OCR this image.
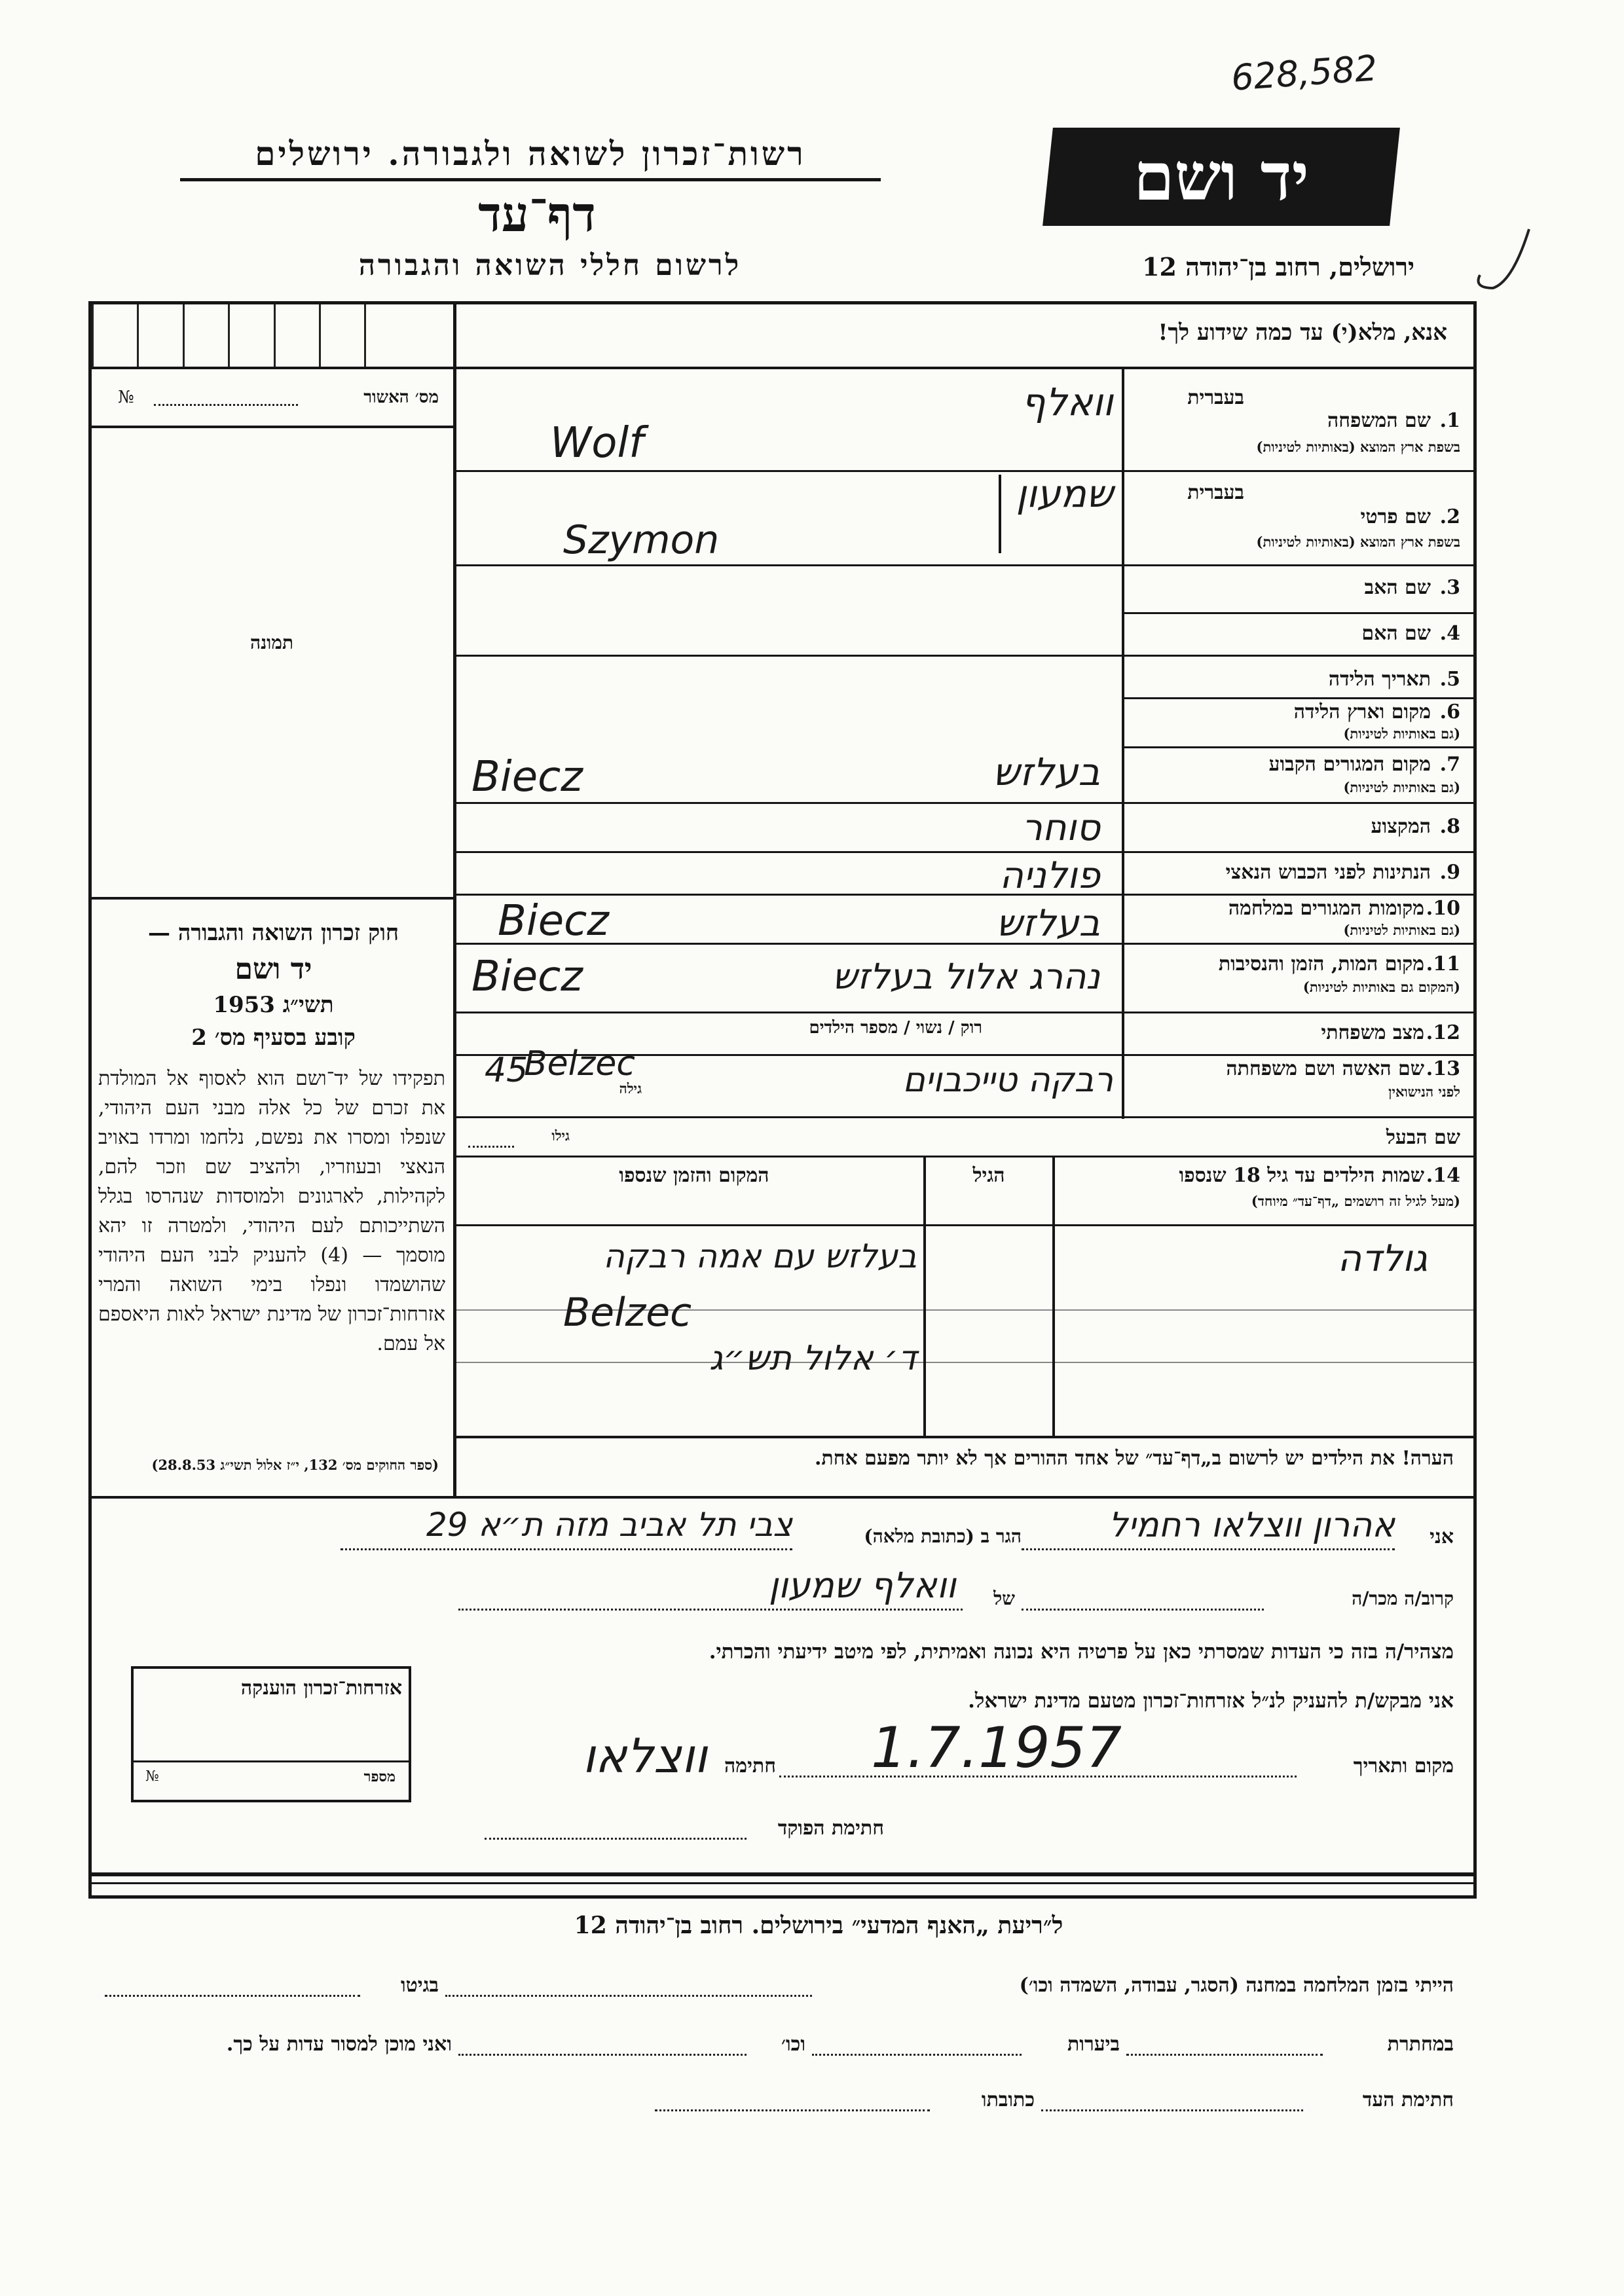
628,582
רשות־זכרון לשואה ולגבורה. ירושלים
דף־עד
לרשום חללי השואה והגבורה
יד ושם
ירושלים, רחוב בן־יהודה 12
מס׳ האשור
№
תמונה
חוק זכרון השואה והגבורה —
יד ושם
תשי״ג 1953
קובע בסעיף מס׳ 2
תפקידו של יד־ושם הוא לאסוף אל המולדת את זכרם של כל אלה מבני העם היהודי, שנפלו ומסרו את נפשם, נלחמו ומרדו באויב הנאצי ובעוזריו, ולהציב שם וזכר להם, לקהילות, לארגונים ולמוסדות שנהרסו בגלל השתייכותם לעם היהודי, ולמטרה זו יהא מוסמך — (4) להעניק לבני העם היהודי שהושמדו ונפלו בימי השואה והמרי אזרחות־זכרון של מדינת ישראל לאות היאספם אל עמם.
(ספר החוקים מס׳ 132, י״ז אלול תשי״ג 28.8.53)
אנא, מלא(י) עד כמה שידוע לך!
בעברית
1.
שם המשפחה
בשפת ארץ המוצא (באותיות לטיניות)
וואלף
Wolf
בעברית
2.
שם פרטי
בשפת ארץ המוצא (באותיות לטיניות)
שמעון
Szymon
3.
שם האב
4.
שם האם
5.
תאריך הלידה
6.
מקום וארץ הלידה
(גם באותיות לטיניות)
7.
מקום המגורים הקבוע
(גם באותיות לטיניות)
בעלזש
Biecz
8.
המקצוע
סוחר
9.
הנתינות לפני הכבוש הנאצי
פולניה
10.
מקומות המגורים במלחמה
(גם באותיות לטיניות)
בעלזש
Biecz
11.
מקום המות, הזמן והנסיבות
(המקום גם באותיות לטיניות)
נהרג אלול בעלזש
Biecz
12.
מצב משפחתי
רוק / נשוי / מספר הילדים
13.
שם האשה ושם משפחתה
לפני הנישואין
רבקה טייכבוים
גילה
45
Belzec
שם הבעל
גילו
14.
שמות הילדים עד גיל 18 שנספו
(מעל לגיל זה רושמים „דף־עד״ מיוחד)
הגיל
המקום והזמן שנספו
גולדה
בעלזש עם אמה רבקה
Belzec
ד׳ אלול תש״ג
הערה! את הילדים יש לרשום ב„דף־עד״ של אחד ההורים אך לא יותר מפעם אחת.
אני
אהרון ווצלאו רחמיל
הגר ב (כתובת מלאה)
צבי תל אביב מזה ת״א 29
קרוב/ה מכר/ה
של
וואלף שמעון
מצהיר/ה בזה כי העדות שמסרתי כאן על פרטיה היא נכונה ואמיתית, לפי מיטב ידיעתי והכרתי.
אני מבקש/ת להעניק לנ״ל אזרחות־זכרון מטעם מדינת ישראל.
מקום ותאריך
1.7.1957
חתימה
ווצלאו
חתימת הפוקד
אזרחות־זכרון הוענקה
מספר
№
ל״ריעת „האנף המדעי״ בירושלים. רחוב בן־יהודה 12
הייתי בזמן המלחמה במחנה (הסגר, עבודה, השמדה וכו׳)
בגיטו
במחתרת
ביערות
וכו׳
ואני מוכן למסור עדות על כך.
חתימת העד
כתובתו
